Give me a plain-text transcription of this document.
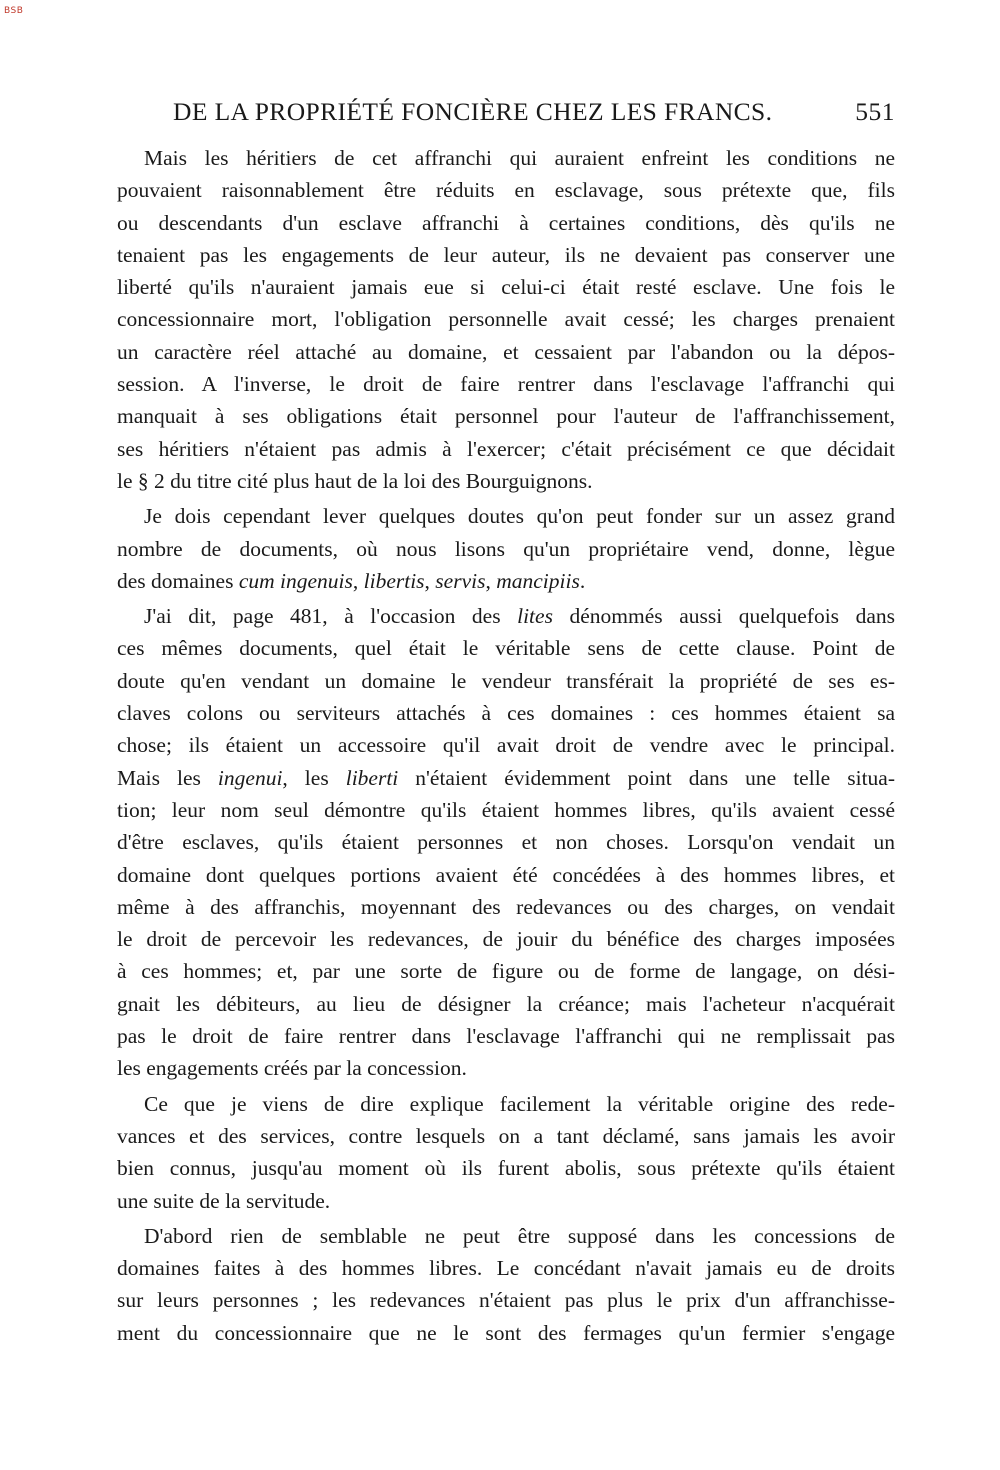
BSB
DE LA PROPRIÉTÉ FONCIÈRE CHEZ LES FRANCS.	551
Mais les héritiers de cet affranchi qui auraient enfreint les conditions ne
pouvaient raisonnablement être réduits en esclavage, sous prétexte que, fils
ou descendants d'un esclave affranchi à certaines conditions, dès qu'ils ne
tenaient pas les engagements de leur auteur, ils ne devaient pas conserver une
liberté qu'ils n'auraient jamais eue si celui-ci était resté esclave. Une fois le
concessionnaire mort, l'obligation personnelle avait cessé; les charges prenaient
un caractère réel attaché au domaine, et cessaient par l'abandon ou la dépos-
session. A l'inverse, le droit de faire rentrer dans l'esclavage l'affranchi qui
manquait à ses obligations était personnel pour l'auteur de l'affranchissement,
ses héritiers n'étaient pas admis à l'exercer; c'était précisément ce que décidait
le § 2 du titre cité plus haut de la loi des Bourguignons.
Je dois cependant lever quelques doutes qu'on peut fonder sur un assez grand
nombre de documents, où nous lisons qu'un propriétaire vend, donne, lègue
des domaines cum ingenuis, libertis, servis, mancipiis.
J'ai dit, page 481, à l'occasion des lites dénommés aussi quelquefois dans
ces mêmes documents, quel était le véritable sens de cette clause. Point de
doute qu'en vendant un domaine le vendeur transférait la propriété de ses es-
claves colons ou serviteurs attachés à ces domaines : ces hommes étaient sa
chose; ils étaient un accessoire qu'il avait droit de vendre avec le principal.
Mais les ingenui, les liberti n'étaient évidemment point dans une telle situa-
tion; leur nom seul démontre qu'ils étaient hommes libres, qu'ils avaient cessé
d'être esclaves, qu'ils étaient personnes et non choses. Lorsqu'on vendait un
domaine dont quelques portions avaient été concédées à des hommes libres, et
même à des affranchis, moyennant des redevances ou des charges, on vendait
le droit de percevoir les redevances, de jouir du bénéfice des charges imposées
à ces hommes; et, par une sorte de figure ou de forme de langage, on dési-
gnait les débiteurs, au lieu de désigner la créance; mais l'acheteur n'acquérait
pas le droit de faire rentrer dans l'esclavage l'affranchi qui ne remplissait pas
les engagements créés par la concession.
Ce que je viens de dire explique facilement la véritable origine des rede-
vances et des services, contre lesquels on a tant déclamé, sans jamais les avoir
bien connus, jusqu'au moment où ils furent abolis, sous prétexte qu'ils étaient
une suite de la servitude.
D'abord rien de semblable ne peut être supposé dans les concessions de
domaines faites à des hommes libres. Le concédant n'avait jamais eu de droits
sur leurs personnes ; les redevances n'étaient pas plus le prix d'un affranchisse-
ment du concessionnaire que ne le sont des fermages qu'un fermier s'engage
